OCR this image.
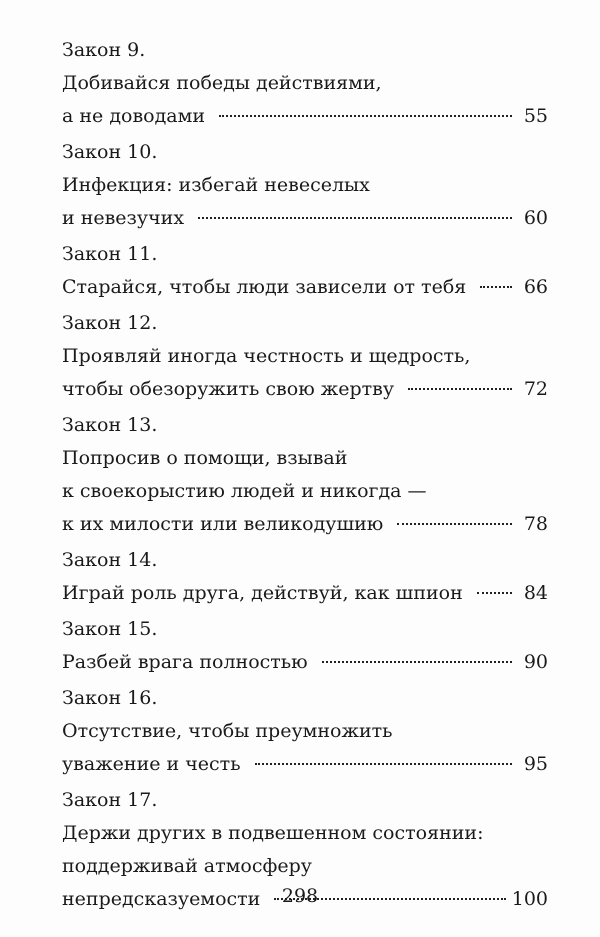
Закон 9.
Добивайся победы действиями,
а не доводами	55
Закон 10.
Инфекция: избегай невеселых
и невезучих	60
Закон 11.
Старайся, чтобы люди зависели от тебя	66
Закон 12.
Проявляй иногда честность и щедрость,
чтобы обезоружить свою жертву	72
Закон 13.
Попросив о помощи, взывай
к своекорыстию людей и никогда —
к их милости или великодушию	78
Закон 14.
Играй роль друга, действуй, как шпион	84
Закон 15.
Разбей врага полностью	90
Закон 16.
Отсутствие, чтобы преумножить
уважение и честь	95
Закон 17.
Держи других в подвешенном состоянии:
поддерживай атмосферу
непредсказуемости	100
298
